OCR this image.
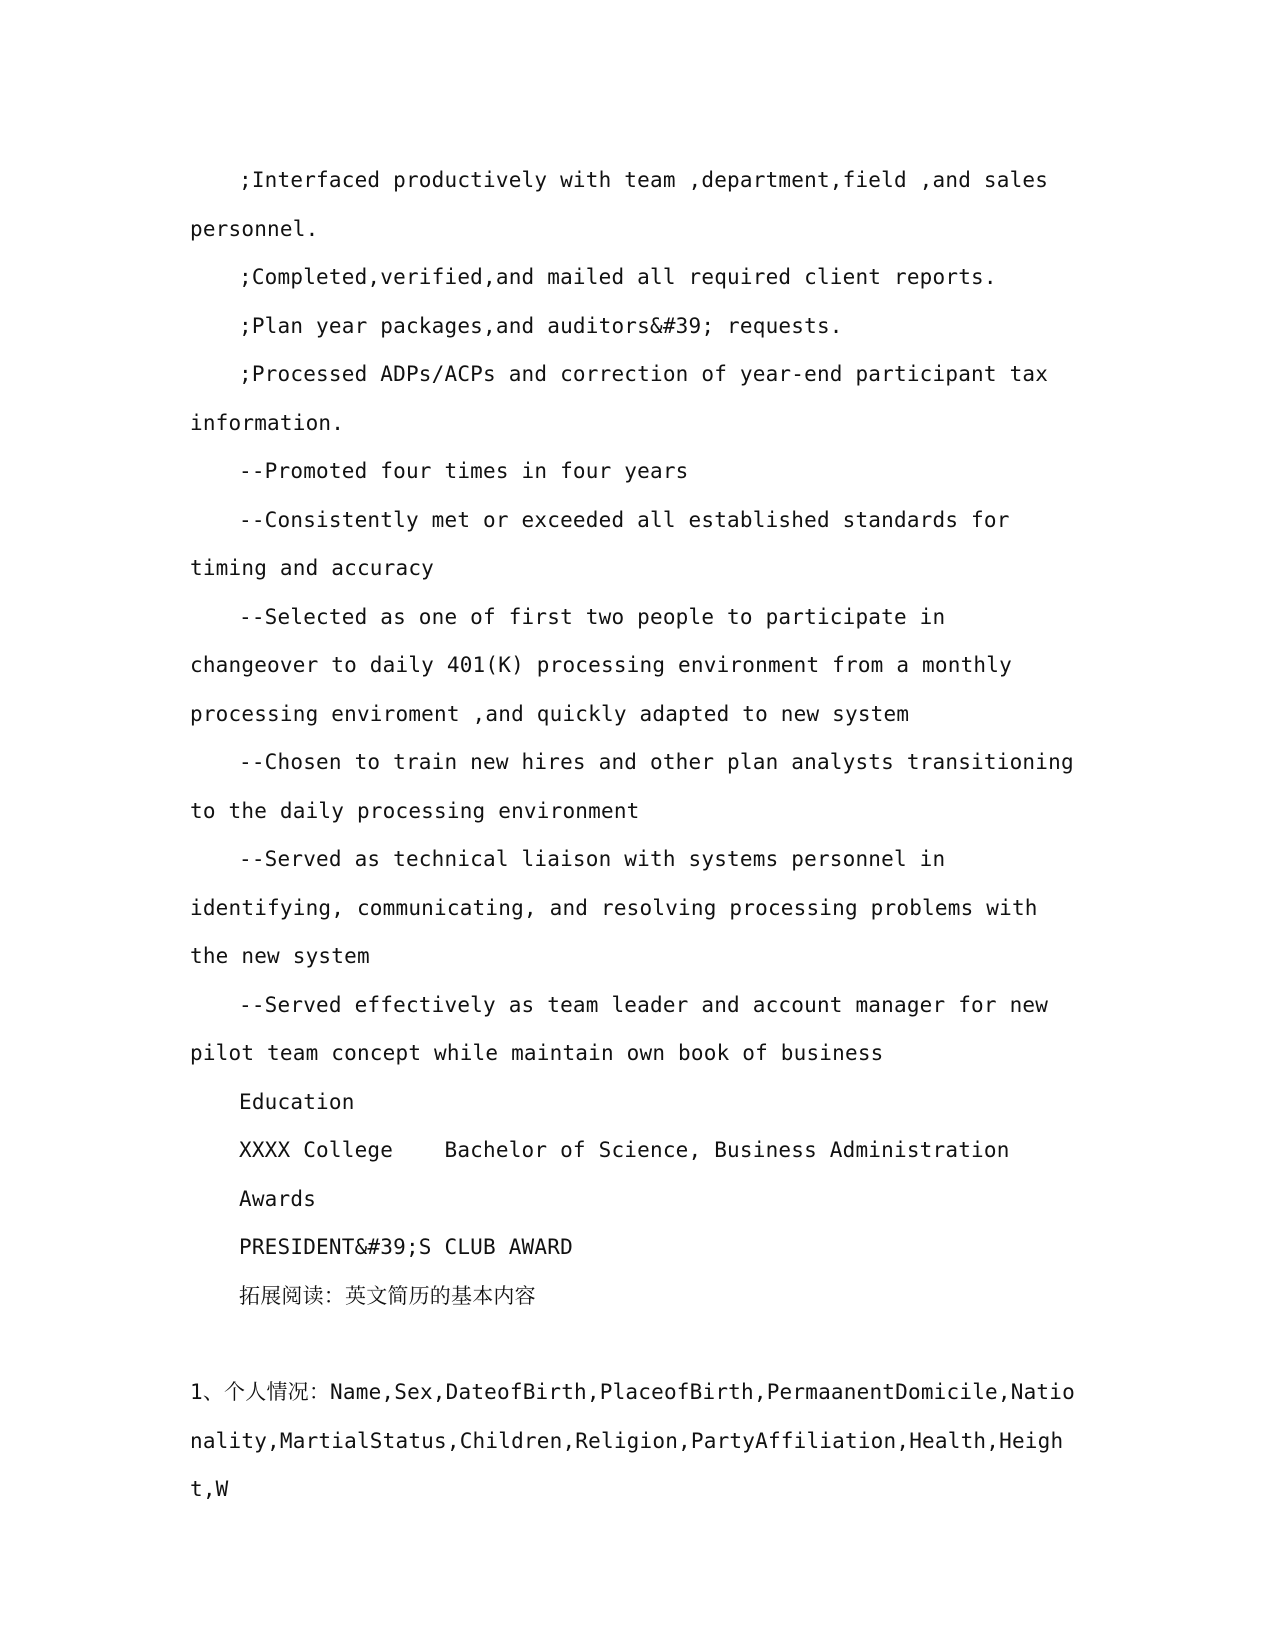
;Interfaced productively with team ,department,field ,and sales personnel.

;Completed,verified,and mailed all required client reports.

;Plan year packages,and auditors&#39; requests.

;Processed ADPs/ACPs and correction of year-end participant tax information.

--Promoted four times in four years

--Consistently met or exceeded all established standards for timing and accuracy

--Selected as one of first two people to participate in changeover to daily 401(K) processing environment from a monthly processing enviroment ,and quickly adapted to new system

--Chosen to train new hires and other plan analysts transitioning to the daily processing environment

--Served as technical liaison with systems personnel in identifying, communicating, and resolving processing problems with the new system

--Served effectively as team leader and account manager for new pilot team concept while maintain own book of business

Education

XXXX College    Bachelor of Science, Business Administration

Awards

PRESIDENT&#39;S CLUB AWARD

拓展阅读：英文简历的基本内容

1、个人情况：Name,Sex,DateofBirth,PlaceofBirth,PermaanentDomicile,Nationality,MartialStatus,Children,Religion,PartyAffiliation,Health,Height,W
